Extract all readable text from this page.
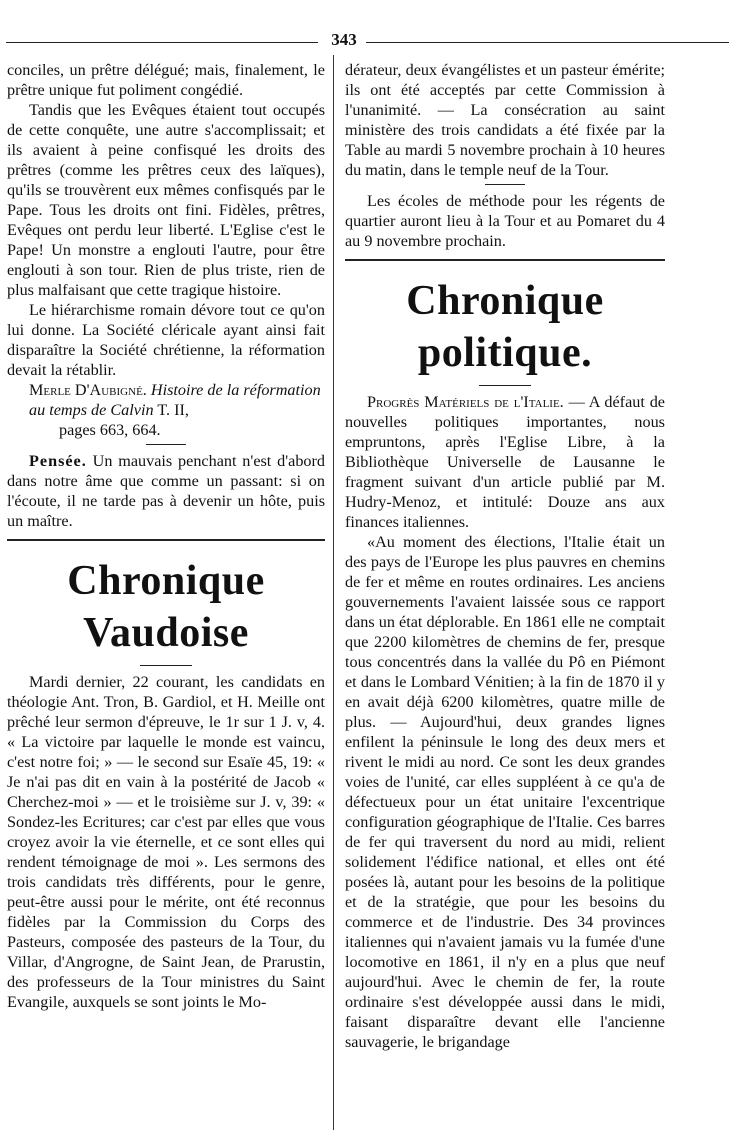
343

conciles, un prêtre délégué; mais, finalement, le prêtre unique fut poliment congédié.

Tandis que les Evêques étaient tout occupés de cette conquête, une autre s'accomplissait; et ils avaient à peine confisqué les droits des prêtres (comme les prêtres ceux des laïques), qu'ils se trouvèrent eux mêmes confisqués par le Pape. Tous les droits ont fini. Fidèles, prêtres, Evêques ont perdu leur liberté. L'Eglise c'est le Pape! Un monstre a englouti l'autre, pour être englouti à son tour. Rien de plus triste, rien de plus malfaisant que cette tragique histoire.

Le hiérarchisme romain dévore tout ce qu'on lui donne. La Société cléricale ayant ainsi fait disparaître la Société chrétienne, la réformation devait la rétablir.

Merle D'Aubigné. Histoire de la réformation au temps de Calvin T. II,
pages 663, 664.

Pensée. Un mauvais penchant n'est d'abord dans notre âme que comme un passant: si on l'écoute, il ne tarde pas à devenir un hôte, puis un maître.

Chronique Vaudoise

Mardi dernier, 22 courant, les candidats en théologie Ant. Tron, B. Gardiol, et H. Meille ont prêché leur sermon d'épreuve, le 1r sur 1 J. v, 4. « La victoire par laquelle le monde est vaincu, c'est notre foi; » — le second sur Esaïe 45, 19: « Je n'ai pas dit en vain à la postérité de Jacob « Cherchez-moi » — et le troisième sur J. v, 39: « Sondez-les Ecritures; car c'est par elles que vous croyez avoir la vie éternelle, et ce sont elles qui rendent témoignage de moi ». Les sermons des trois candidats très différents, pour le genre, peut-être aussi pour le mérite, ont été reconnus fidèles par la Commission du Corps des Pasteurs, composée des pasteurs de la Tour, du Villar, d'Angrogne, de Saint Jean, de Prarustin, des professeurs de la Tour ministres du Saint Evangile, auxquels se sont joints le Mo-

dérateur, deux évangélistes et un pasteur émérite; ils ont été acceptés par cette Commission à l'unanimité. — La consécration au saint ministère des trois candidats a été fixée par la Table au mardi 5 novembre prochain à 10 heures du matin, dans le temple neuf de la Tour.

Les écoles de méthode pour les régents de quartier auront lieu à la Tour et au Pomaret du 4 au 9 novembre prochain.

Chronique politique.

Progrès Matériels de l'Italie. — A défaut de nouvelles politiques importantes, nous empruntons, après l'Eglise Libre, à la Bibliothèque Universelle de Lausanne le fragment suivant d'un article publié par M. Hudry-Menoz, et intitulé: Douze ans aux finances italiennes.

«Au moment des élections, l'Italie était un des pays de l'Europe les plus pauvres en chemins de fer et même en routes ordinaires. Les anciens gouvernements l'avaient laissée sous ce rapport dans un état déplorable. En 1861 elle ne comptait que 2200 kilomètres de chemins de fer, presque tous concentrés dans la vallée du Pô en Piémont et dans le Lombard Vénitien; à la fin de 1870 il y en avait déjà 6200 kilomètres, quatre mille de plus. — Aujourd'hui, deux grandes lignes enfilent la péninsule le long des deux mers et rivent le midi au nord. Ce sont les deux grandes voies de l'unité, car elles suppléent à ce qu'a de défectueux pour un état unitaire l'excentrique configuration géographique de l'Italie. Ces barres de fer qui traversent du nord au midi, relient solidement l'édifice national, et elles ont été posées là, autant pour les besoins de la politique et de la stratégie, que pour les besoins du commerce et de l'industrie. Des 34 provinces italiennes qui n'avaient jamais vu la fumée d'une locomotive en 1861, il n'y en a plus que neuf aujourd'hui. Avec le chemin de fer, la route ordinaire s'est développée aussi dans le midi, faisant disparaître devant elle l'ancienne sauvagerie, le brigandage
